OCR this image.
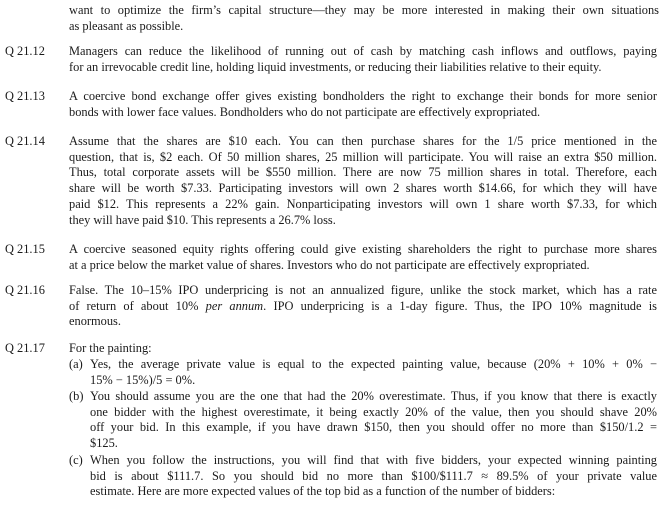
want to optimize the firm’s capital structure—they may be more interested in making their own situations
as pleasant as possible.
Q 21.12 Managers can reduce the likelihood of running out of cash by matching cash inflows and outflows, paying
for an irrevocable credit line, holding liquid investments, or reducing their liabilities relative to their equity.
Q 21.13 A coercive bond exchange offer gives existing bondholders the right to exchange their bonds for more senior
bonds with lower face values. Bondholders who do not participate are effectively expropriated.
Q 21.14 Assume that the shares are $10 each. You can then purchase shares for the 1/5 price mentioned in the
question, that is, $2 each. Of 50 million shares, 25 million will participate. You will raise an extra $50 million.
Thus, total corporate assets will be $550 million. There are now 75 million shares in total. Therefore, each
share will be worth $7.33. Participating investors will own 2 shares worth $14.66, for which they will have
paid $12. This represents a 22% gain. Nonparticipating investors will own 1 share worth $7.33, for which
they will have paid $10. This represents a 26.7% loss.
Q 21.15 A coercive seasoned equity rights offering could give existing shareholders the right to purchase more shares
at a price below the market value of shares. Investors who do not participate are effectively expropriated.
Q 21.16 False. The 10–15% IPO underpricing is not an annualized figure, unlike the stock market, which has a rate
of return of about 10% per annum. IPO underpricing is a 1-day figure. Thus, the IPO 10% magnitude is
enormous.
Q 21.17 For the painting:
(a) Yes, the average private value is equal to the expected painting value, because (20% + 10% + 0% −
15% − 15%)/5 = 0%.
(b) You should assume you are the one that had the 20% overestimate. Thus, if you know that there is exactly
one bidder with the highest overestimate, it being exactly 20% of the value, then you should shave 20%
off your bid. In this example, if you have drawn $150, then you should offer no more than $150/1.2 =
$125.
(c) When you follow the instructions, you will find that with five bidders, your expected winning painting
bid is about $111.7. So you should bid no more than $100/$111.7 ≈ 89.5% of your private value
estimate. Here are more expected values of the top bid as a function of the number of bidders:
